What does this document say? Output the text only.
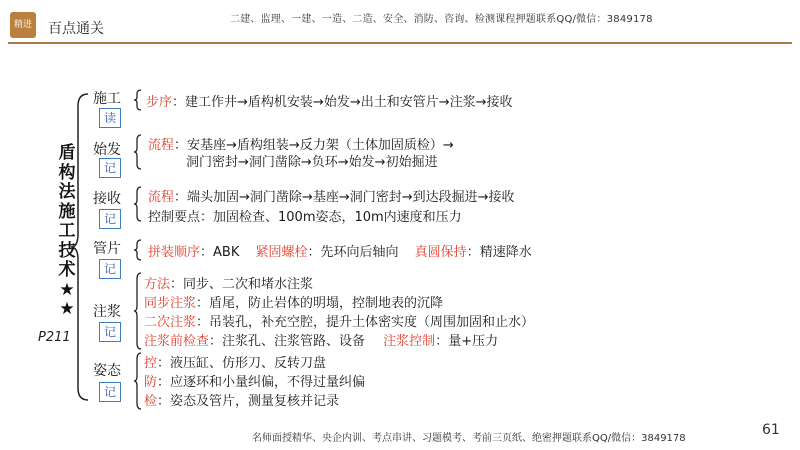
精进 百点通关
二建、监理、一建、一造、二造、安全、消防、咨询、检测课程押题联系QQ/微信：3849178
盾
构
法
施
工
技
术
★
★
P211
施工
读
步序：建工作井→盾构机安装→始发→出土和安管片→注浆→接收
始发
记
流程：安基座→盾构组装→反力架（土体加固质检）→
洞门密封→洞门凿除→负环→始发→初始掘进
接收
记
流程：端头加固→洞门凿除→基座→洞门密封→到达段掘进→接收
控制要点：加固检查、100m姿态，10m内速度和压力
管片
记
拼装顺序：ABK 紧固螺栓：先环向后轴向 真圆保持：精速降水
注浆
记
方法：同步、二次和堵水注浆
同步注浆：盾尾，防止岩体的明塌，控制地表的沉降
二次注浆：吊装孔，补充空腔，提升土体密实度（周围加固和止水）
注浆前检查：注浆孔、注浆管路、设备 注浆控制：量+压力
姿态
记
控：液压缸、仿形刀、反转刀盘
防：应逐环和小量纠偏，不得过量纠偏
检：姿态及管片，测量复核并记录
61
名师面授精华、央企内训、考点串讲、习题模考、考前三页纸、绝密押题联系QQ/微信：3849178
